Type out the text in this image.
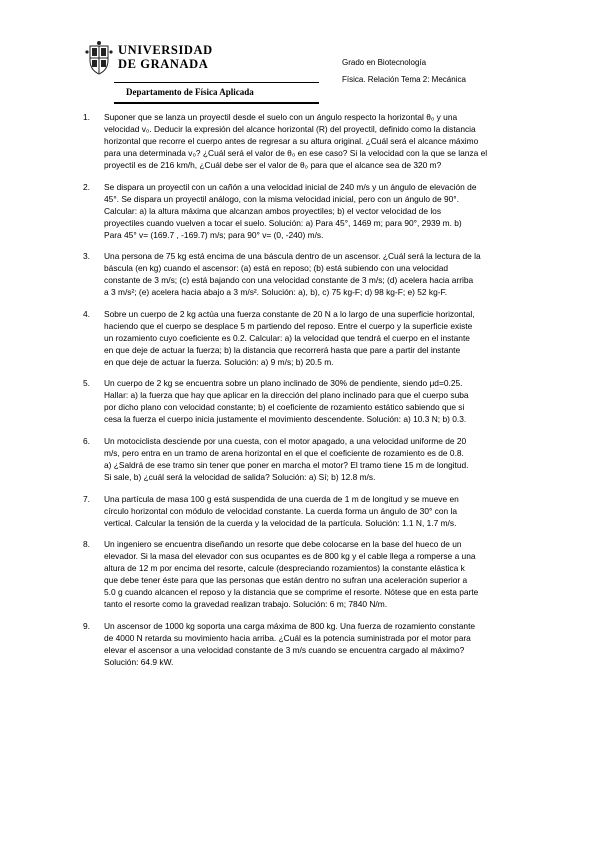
UNIVERSIDAD
DE GRANADA
Departamento de Física Aplicada
Grado en Biotecnología
Física. Relación Tema 2: Mecánica
1. Suponer que se lanza un proyectil desde el suelo con un ángulo respecto la horizontal θ₀ y una
velocidad v₀. Deducir la expresión del alcance horizontal (R) del proyectil, definido como la distancia
horizontal que recorre el cuerpo antes de regresar a su altura original. ¿Cuál será el alcance máximo
para una determinada v₀? ¿Cuál será el valor de θ₀ en ese caso? Si la velocidad con la que se lanza el
proyectil es de 216 km/h, ¿Cuál debe ser el valor de θ₀ para que el alcance sea de 320 m?
2. Se dispara un proyectil con un cañón a una velocidad inicial de 240 m/s y un ángulo de elevación de
45°. Se dispara un proyectil análogo, con la misma velocidad inicial, pero con un ángulo de 90°.
Calcular: a) la altura máxima que alcanzan ambos proyectiles; b) el vector velocidad de los
proyectiles cuando vuelven a tocar el suelo. Solución: a) Para 45°, 1469 m; para 90°, 2939 m. b)
Para 45° v= (169.7 , -169.7) m/s; para 90° v= (0, -240) m/s.
3. Una persona de 75 kg está encima de una báscula dentro de un ascensor. ¿Cuál será la lectura de la
báscula (en kg) cuando el ascensor: (a) está en reposo; (b) está subiendo con una velocidad
constante de 3 m/s; (c) está bajando con una velocidad constante de 3 m/s; (d) acelera hacia arriba
a 3 m/s²; (e) acelera hacia abajo a 3 m/s². Solución: a), b), c) 75 kg-F; d) 98 kg-F; e) 52 kg-F.
4. Sobre un cuerpo de 2 kg actúa una fuerza constante de 20 N a lo largo de una superficie horizontal,
haciendo que el cuerpo se desplace 5 m partiendo del reposo. Entre el cuerpo y la superficie existe
un rozamiento cuyo coeficiente es 0.2. Calcular: a) la velocidad que tendrá el cuerpo en el instante
en que deje de actuar la fuerza; b) la distancia que recorrerá hasta que pare a partir del instante
en que deje de actuar la fuerza. Solución: a) 9 m/s; b) 20.5 m.
5. Un cuerpo de 2 kg se encuentra sobre un plano inclinado de 30% de pendiente, siendo μd=0.25.
Hallar: a) la fuerza que hay que aplicar en la dirección del plano inclinado para que el cuerpo suba
por dicho plano con velocidad constante; b) el coeficiente de rozamiento estático sabiendo que si
cesa la fuerza el cuerpo inicia justamente el movimiento descendente. Solución: a) 10.3 N; b) 0.3.
6. Un motociclista desciende por una cuesta, con el motor apagado, a una velocidad uniforme de 20
m/s, pero entra en un tramo de arena horizontal en el que el coeficiente de rozamiento es de 0.8.
a) ¿Saldrá de ese tramo sin tener que poner en marcha el motor? El tramo tiene 15 m de longitud.
Si sale, b) ¿cuál será la velocidad de salida? Solución: a) Sí; b) 12.8 m/s.
7. Una partícula de masa 100 g está suspendida de una cuerda de 1 m de longitud y se mueve en
círculo horizontal con módulo de velocidad constante. La cuerda forma un ángulo de 30° con la
vertical. Calcular la tensión de la cuerda y la velocidad de la partícula. Solución: 1.1 N, 1.7 m/s.
8. Un ingeniero se encuentra diseñando un resorte que debe colocarse en la base del hueco de un
elevador. Si la masa del elevador con sus ocupantes es de 800 kg y el cable llega a romperse a una
altura de 12 m por encima del resorte, calcule (despreciando rozamientos) la constante elástica k
que debe tener éste para que las personas que están dentro no sufran una aceleración superior a
5.0 g cuando alcancen el reposo y la distancia que se comprime el resorte. Nótese que en esta parte
tanto el resorte como la gravedad realizan trabajo. Solución: 6 m; 7840 N/m.
9. Un ascensor de 1000 kg soporta una carga máxima de 800 kg. Una fuerza de rozamiento constante
de 4000 N retarda su movimiento hacia arriba. ¿Cuál es la potencia suministrada por el motor para
elevar el ascensor a una velocidad constante de 3 m/s cuando se encuentra cargado al máximo?
Solución: 64.9 kW.
